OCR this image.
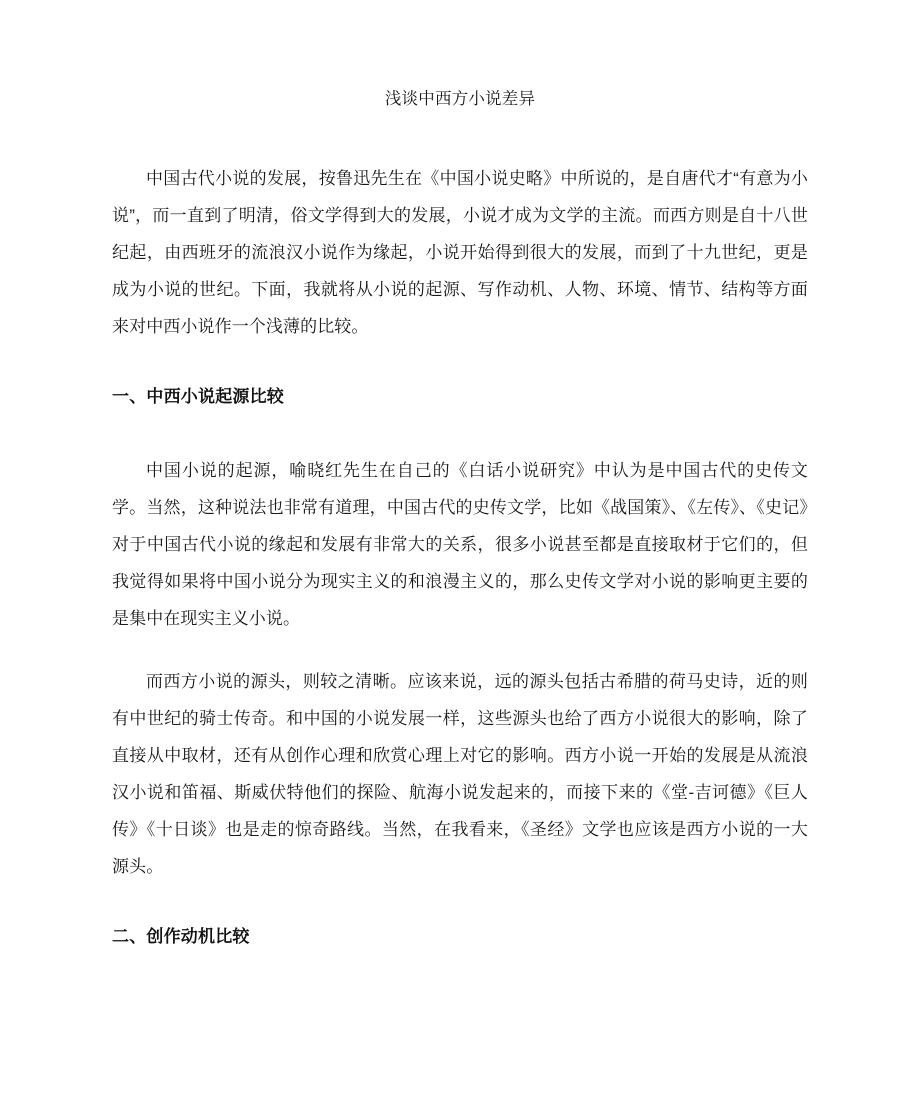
浅谈中西方小说差异

中国古代小说的发展，按鲁迅先生在《中国小说史略》中所说的，是自唐代才“有意为小说”，而一直到了明清，俗文学得到大的发展，小说才成为文学的主流。而西方则是自十八世纪起，由西班牙的流浪汉小说作为缘起，小说开始得到很大的发展，而到了十九世纪，更是成为小说的世纪。下面，我就将从小说的起源、写作动机、人物、环境、情节、结构等方面来对中西小说作一个浅薄的比较。

一、中西小说起源比较

中国小说的起源，喻晓红先生在自己的《白话小说研究》中认为是中国古代的史传文学。当然，这种说法也非常有道理，中国古代的史传文学，比如《战国策》、《左传》、《史记》对于中国古代小说的缘起和发展有非常大的关系，很多小说甚至都是直接取材于它们的，但我觉得如果将中国小说分为现实主义的和浪漫主义的，那么史传文学对小说的影响更主要的是集中在现实主义小说。

而西方小说的源头，则较之清晰。应该来说，远的源头包括古希腊的荷马史诗，近的则有中世纪的骑士传奇。和中国的小说发展一样，这些源头也给了西方小说很大的影响，除了直接从中取材，还有从创作心理和欣赏心理上对它的影响。西方小说一开始的发展是从流浪汉小说和笛福、斯威伏特他们的探险、航海小说发起来的，而接下来的《堂-吉诃德》《巨人传》《十日谈》也是走的惊奇路线。当然，在我看来，《圣经》文学也应该是西方小说的一大源头。

二、创作动机比较
